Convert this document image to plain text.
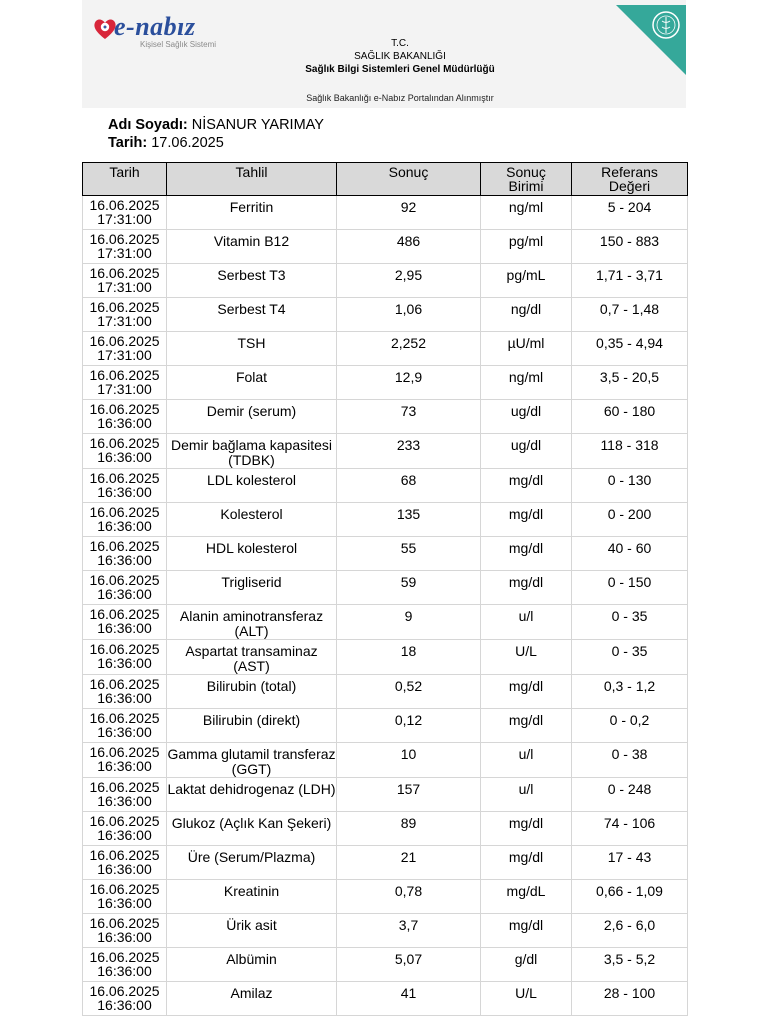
e-nabız
Kişisel Sağlık Sistemi	T.C.
SAĞLIK BAKANLIĞI
Sağlık Bilgi Sistemleri Genel Müdürlüğü
Sağlık Bakanlığı e-Nabız Portalından Alınmıştır
Adı Soyadı: NİSANUR YARIMAY
Tarih: 17.06.2025
Tarih	Tahlil	Sonuç	Sonuç Birimi	Referans Değeri

16.06.2025
17:31:00	Ferritin	92	ng/ml	5 - 204

16.06.2025
17:31:00	Vitamin B12	486	pg/ml	150 - 883

16.06.2025
17:31:00	Serbest T3	2,95	pg/mL	1,71 - 3,71

16.06.2025
17:31:00	Serbest T4	1,06	ng/dl	0,7 - 1,48

16.06.2025
17:31:00	TSH	2,252	µU/ml	0,35 - 4,94

16.06.2025
17:31:00	Folat	12,9	ng/ml	3,5 - 20,5

16.06.2025
16:36:00	Demir (serum)	73	ug/dl	60 - 180

16.06.2025
16:36:00	Demir bağlama kapasitesi (TDBK)	233	ug/dl	118 - 318

16.06.2025
16:36:00	LDL kolesterol	68	mg/dl	0 - 130

16.06.2025
16:36:00	Kolesterol	135	mg/dl	0 - 200

16.06.2025
16:36:00	HDL kolesterol	55	mg/dl	40 - 60

16.06.2025
16:36:00	Trigliserid	59	mg/dl	0 - 150

16.06.2025
16:36:00	Alanin aminotransferaz (ALT)	9	u/l	0 - 35

16.06.2025
16:36:00	Aspartat transaminaz (AST)	18	U/L	0 - 35

16.06.2025
16:36:00	Bilirubin (total)	0,52	mg/dl	0,3 - 1,2

16.06.2025
16:36:00	Bilirubin (direkt)	0,12	mg/dl	0 - 0,2

16.06.2025
16:36:00	Gamma glutamil transferaz (GGT)	10	u/l	0 - 38

16.06.2025
16:36:00	Laktat dehidrogenaz (LDH)	157	u/l	0 - 248

16.06.2025
16:36:00	Glukoz (Açlık Kan Şekeri)	89	mg/dl	74 - 106

16.06.2025
16:36:00	Üre (Serum/Plazma)	21	mg/dl	17 - 43

16.06.2025
16:36:00	Kreatinin	0,78	mg/dL	0,66 - 1,09

16.06.2025
16:36:00	Ürik asit	3,7	mg/dl	2,6 - 6,0

16.06.2025
16:36:00	Albümin	5,07	g/dl	3,5 - 5,2

16.06.2025
16:36:00	Amilaz	41	U/L	28 - 100
